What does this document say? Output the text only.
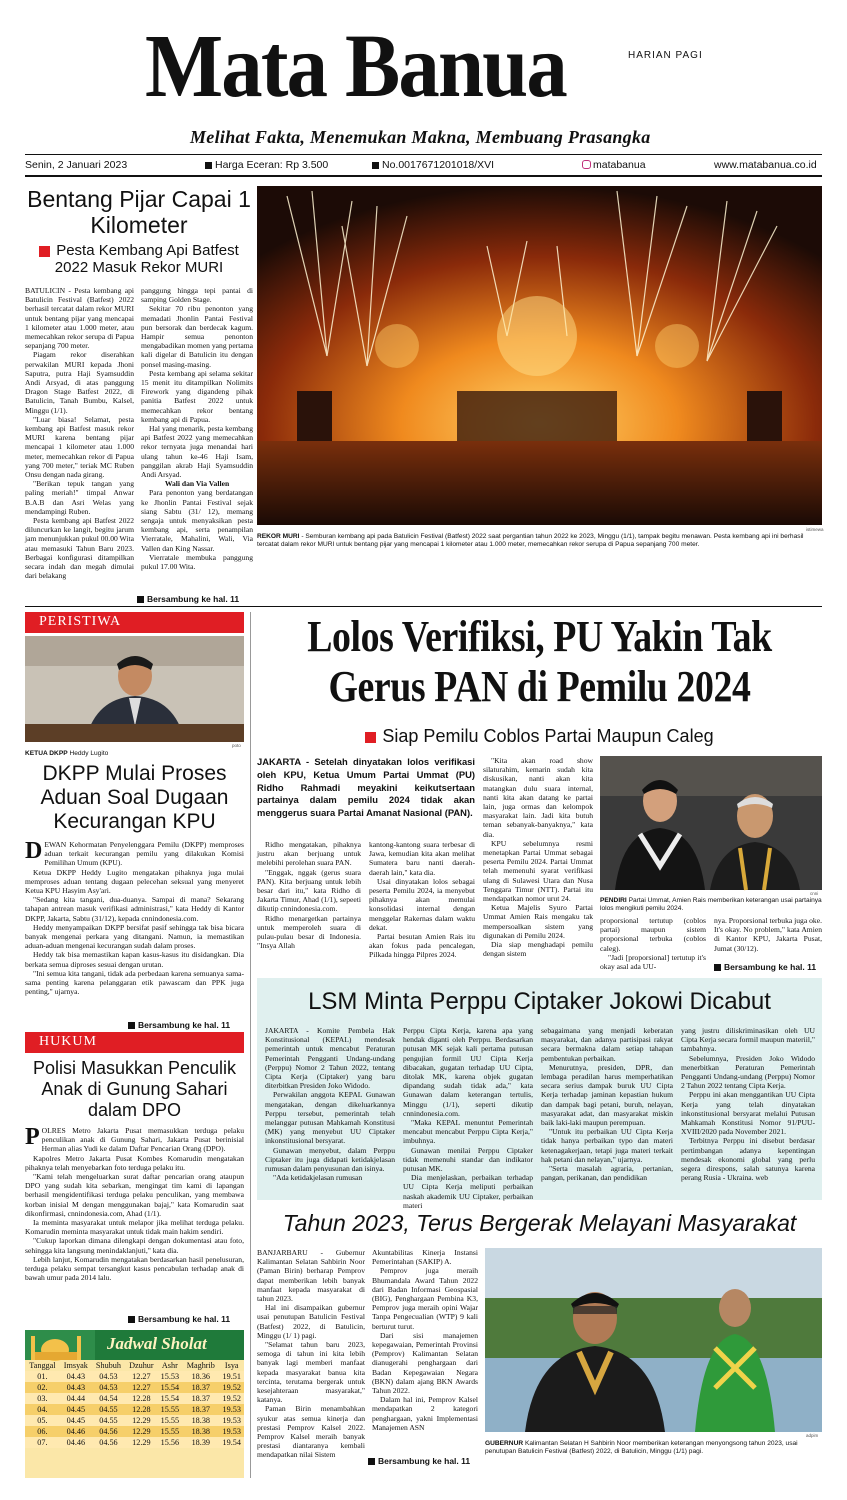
Mata Banua	HARIAN PAGI
Melihat Fakta, Menemukan Makna, Membuang Prasangka
Senin, 2 Januari 2023	Harga Eceran: Rp 3.500	No.0017671201018/XVI	matabanua	www.matabanua.co.id
Bentang Pijar Capai 1 Kilometer
Pesta Kembang Api Batfest 2022 Masuk Rekor MURI

BATULICIN - Pesta kembang api Batulicin Festival (Batfest) 2022 berhasil tercatat dalam rekor MURI untuk bentang pijar yang mencapai 1 kilometer atau 1.000 meter, atau memecahkan rekor serupa di Papua sepanjang 700 meter.

Piagam rekor diserahkan perwakilan MURI kepada Jhoni Saputra, putra Haji Syamsuddin Andi Arsyad, di atas panggung Dragon Stage Batfest 2022, di Batulicin, Tanah Bumbu, Kalsel, Minggu (1/1).

"Luar biasa! Selamat, pesta kembang api Batfest masuk rekor MURI karena bentang pijar mencapai 1 kilometer atau 1.000 meter, memecahkan rekor di Papua yang 700 meter," teriak MC Ruben Onsu dengan nada girang.

"Berikan tepuk tangan yang paling meriah!" timpal Anwar B.A.B dan Asri Welas yang mendampingi Ruben.

Pesta kembang api Batfest 2022 diluncurkan ke langit, begitu jarum jam menunjukkan pukul 00.00 Wita atau memasuki Tahun Baru 2023. Berbagai konfigurasi ditampilkan secara indah dan megah dimulai dari belakang

panggung hingga tepi pantai di samping Golden Stage.

Sekitar 70 ribu penonton yang memadati Jhonlin Pantai Festival pun bersorak dan berdecak kagum. Hampir semua penonton mengabadikan momen yang pertama kali digelar di Batulicin itu dengan ponsel masing-masing.

Pesta kembang api selama sekitar 15 menit itu ditampilkan Nolimits Firework yang digandeng pihak panitia Batfest 2022 untuk memecahkan rekor bentang kembang api di Papua.

Hal yang menarik, pesta kembang api Batfest 2022 yang memecahkan rekor ternyata juga menandai hari ulang tahun ke-46 Haji Isam, panggilan akrab Haji Syamsuddin Andi Arsyad.

Wali dan Via Vallen

Para penonton yang berdatangan ke Jhonlin Pantai Festival sejak siang Sabtu (31/ 12), memang sengaja untuk menyaksikan pesta kembang api, serta penampilan Vierratale, Mahalini, Wali, Via Vallen dan King Nassar.

Vierratale membuka panggung pukul 17.00 Wita.

Bersambung ke hal. 11
istimewa
REKOR MURI - Semburan kembang api pada Batulicin Festival (Batfest) 2022 saat pergantian tahun 2022 ke 2023, Minggu (1/1), tampak begitu menawan. Pesta kembang api ini berhasil tercatat dalam rekor MURI untuk bentang pijar yang mencapai 1 kilometer atau 1.000 meter, memecahkan rekor serupa di Papua sepanjang 700 meter.
PERISTIWA
poto
KETUA DKPP Heddy Lugito
DKPP Mulai Proses Aduan Soal Dugaan Kecurangan KPU
D EWAN Kehormatan Penyelenggara Pemilu (DKPP) memproses aduan terkait kecurangan pemilu yang dilakukan Komisi Pemilihan Umum (KPU).

Ketua DKPP Heddy Lugito mengatakan pihaknya juga mulai memproses aduan tentang dugaan pelecehan seksual yang menyeret Ketua KPU Hasyim Asy'ari.

"Sedang kita tangani, dua-duanya. Sampai di mana? Sekarang tahapan antrean masuk verifikasi administrasi," kata Heddy di Kantor DKPP, Jakarta, Sabtu (31/12), kepada cnnindonesia.com.

Heddy menyampaikan DKPP bersifat pasif sehingga tak bisa bicara banyak mengenai perkara yang ditangani. Namun, ia memastikan aduan-aduan mengenai kecurangan sudah dalam proses.

Heddy tak bisa memastikan kapan kasus-kasus itu disidangkan. Dia berkata semua diproses sesuai dengan urutan.

"Ini semua kita tangani, tidak ada perbedaan karena semuanya sama-sama penting karena pelanggaran etik pawascam dan PPK juga penting," ujarnya.

Bersambung ke hal. 11
HUKUM
Polisi Masukkan Penculik Anak di Gunung Sahari dalam DPO
P OLRES Metro Jakarta Pusat memasukkan terduga pelaku penculikan anak di Gunung Sahari, Jakarta Pusat berinisial Herman alias Yudi ke dalam Daftar Pencarian Orang (DPO).

Kapolres Metro Jakarta Pusat Kombes Komarudin mengatakan pihaknya telah menyebarkan foto terduga pelaku itu.

"Kami telah mengeluarkan surat daftar pencarian orang ataupun DPO yang sudah kita sebarkan, mengingat tim kami di lapangan berhasil mengidentifikasi terduga pelaku penculikan, yang membawa korban inisial M dengan menggunakan bajaj," kata Komarudin saat dikonfirmasi, cnnindonesia.com, Ahad (1/1).

Ia meminta masyarakat untuk melapor jika melihat terduga pelaku. Komarudin meminta masyarakat untuk tidak main hakim sendiri.

"Cukup laporkan dimana dilengkapi dengan dokumentasi atau foto, sehingga kita langsung menindaklanjuti," kata dia.

Lebih lanjut, Komarudin mengatakan berdasarkan hasil penelusuran, terduga pelaku sempat tersangkut kasus pencabulan terhadap anak di bawah umur pada 2014 lalu.

Bersambung ke hal. 11
Jadwal Sholat
Tanggal	Imsyak	Shubuh	Dzuhur	Ashr	Maghrib	Isya
01.	04.43	04.53	12.27	15.53	18.36	19.51
02.	04.43	04.53	12.27	15.54	18.37	19.52
03.	04.44	04.54	12.28	15.54	18.37	19.52
04.	04.45	04.55	12.28	15.55	18.37	19.53
05.	04.45	04.55	12.29	15.55	18.38	19.53
06.	04.46	04.56	12.29	15.55	18.38	19.53
07.	04.46	04.56	12.29	15.56	18.39	19.54
Lolos Verifiksi, PU Yakin Tak
Gerus PAN di Pemilu 2024
Siap Pemilu Coblos Partai Maupun Caleg
JAKARTA - Setelah dinyatakan lolos verifikasi oleh KPU, Ketua Umum Partai Ummat (PU) Ridho Rahmadi meyakini keikutsertaan partainya dalam pemilu 2024 tidak akan menggerus suara Partai Amanat Nasional (PAN).

Ridho mengatakan, pihaknya justru akan berjuang untuk melebihi perolehan suara PAN.

"Enggak, nggak (gerus suara PAN). Kita berjuang untuk lebih besar dari itu," kata Ridho di Jakarta Timur, Ahad (1/1), sepeeti dikutip cnnindonesia.com.

Ridho menargetkan partainya untuk memperoleh suara di pulau-pulau besar di Indonesia. "Insya Allah

kantong-kantong suara terbesar di Jawa, kemudian kita akan melihat Sumatera baru nanti daerah-daerah lain," kata dia.

Usai dinyatakan lolos sebagai peserta Pemilu 2024, ia menyebut pihaknya akan memulai konsolidasi internal dengan menggelar Rakernas dalam waktu dekat.

Partai besutan Amien Rais itu akan fokus pada pencalegan, Pilkada hingga Pilpres 2024.

"Kita akan road show silaturahim, kemarin sudah kita diskusikan, nanti akan kita matangkan dulu suara internal, nanti kita akan datang ke partai lain, juga ormas dan kelompok masyarakat lain. Jadi kita butuh teman sebanyak-banyaknya," kata dia.

KPU sebelumnya resmi menetapkan Partai Ummat sebagai peserta Pemilu 2024. Partai Ummat telah memenuhi syarat verifikasi ulang di Sulawesi Utara dan Nusa Tenggara Timur (NTT). Partai itu mendapatkan nomor urut 24.

Ketua Majelis Syuro Partai Ummat Amien Rais mengaku tak mempersoalkan sistem yang digunakan di Pemilu 2024.

Dia siap menghadapi pemilu dengan sistem

cnni
PENDIRI Partai Ummat, Amien Rais memberikan keterangan usai partainya lolos mengikuti pemilu 2024.

proporsional tertutup (coblos partai) maupun sistem proporsional terbuka (coblos caleg).

"Jadi [proporsional] tertutup it's okay asal ada UU-

nya. Proporsional terbuka juga oke. It's okay. No problem," kata Amien di Kantor KPU, Jakarta Pusat, Jumat (30/12).

Bersambung ke hal. 11
LSM Minta Perppu Ciptaker Jokowi Dicabut

JAKARTA - Komite Pembela Hak Konstitusional (KEPAL) mendesak pemerintah untuk mencabut Peraturan Pemerintah Pengganti Undang-undang (Perppu) Nomor 2 Tahun 2022, tentang Cipta Kerja (Ciptaker) yang baru diterbitkan Presiden Joko Widodo.

Perwakilan anggota KEPAL Gunawan mengatakan, dengan dikeluarkannya Perppu tersebut, pemerintah telah melanggar putusan Mahkamah Konstitusi (MK) yang menyebut UU Ciptaker inkonstitusional bersyarat.

Gunawan menyebut, dalam Perppu Ciptaker itu juga didapati ketidakjelasan rumusan dalam penyusunan dan isinya.

"Ada ketidakjelasan rumusan

Perppu Cipta Kerja, karena apa yang hendak diganti oleh Perppu. Berdasarkan putusan MK sejak kali pertama putusan pengujian formil UU Cipta Kerja dibacakan, gugatan terhadap UU Cipta, ditolak MK, karena objek gugatan dipandang sudah tidak ada," kata Gunawan dalam keterangan tertulis, Minggu (1/1), seperti dikutip cnnindonesia.com.

"Maka KEPAL menuntut Pemerintah mencabut mencabut Perppu Cipta Kerja," imbuhnya.

Gunawan menilai Perppu Ciptaker tidak memenuhi standar dan indikator putusan MK.

Dia menjelaskan, perbaikan terhadap UU Cipta Kerja meliputi perbaikan naskah akademik UU Ciptaker, perbaikan materi

sebagaimana yang menjadi keberatan masyarakat, dan adanya partisipasi rakyat secara bermakna dalam setiap tahapan pembentukan perbaikan.

Menurutnya, presiden, DPR, dan lembaga peradilan harus memperhatikan secara serius dampak buruk UU Cipta Kerja terhadap jaminan kepastian hukum dan dampak bagi petani, buruh, nelayan, masyarakat adat, dan masyarakat miskin baik laki-laki maupun perempuan.

"Untuk itu perbaikan UU Cipta Kerja tidak hanya perbaikan typo dan materi ketenagakerjaan, tetapi juga materi terkait hak petani dan nelayan," ujarnya.

"Serta masalah agraria, pertanian, pangan, perikanan, dan pendidikan

yang justru diliskriminasikan oleh UU Cipta Kerja secara formil maupun materiil," tambahnya.

Sebelumnya, Presiden Joko Widodo menerbitkan Peraturan Pemerintah Pengganti Undang-undang (Perppu) Nomor 2 Tahun 2022 tentang Cipta Kerja.

Perppu ini akan menggantikan UU Cipta Kerja yang telah dinyatakan inkonstitusional bersyarat melalui Putusan Mahkamah Konstitusi Nomor 91/PUU-XVIII/2020 pada November 2021.

Terbitnya Perppu ini disebut berdasar pertimbangan adanya kepentingan mendesak ekonomi global yang perlu segera direspons, salah satunya karena perang Rusia - Ukraina. web

Tahun 2023, Terus Bergerak Melayani Masyarakat

BANJARBARU - Gubernur Kalimantan Selatan Sahbirin Noor (Paman Birin) berharap Pemprov dapat memberikan lebih banyak manfaat kepada masyarakat di tahun 2023.

Hal ini disampaikan gubernur usai penutupan Batulicin Festival (Batfest) 2022, di Batulicin, Minggu (1/ 1) pagi.

"Selamat tahun baru 2023, semoga di tahun ini kita lebih banyak lagi memberi manfaat kepada masyarakat banua kita tercinta, terutama bergerak untuk kesejahteraan masyarakat," katanya.

Paman Birin menambahkan syukur atas semua kinerja dan prestasi Pemprov Kalsel 2022. Pemprov Kalsel meraih banyak prestasi diantaranya kembali mendapatkan nilai Sistem

Akuntabilitas Kinerja Instansi Pemerintahan (SAKIP) A.

Pemprov juga meraih Bhumandala Award Tahun 2022 dari Badan Informasi Geospasial (BIG), Penghargaan Pembina K3, Pemprov juga meraih opini Wajar Tanpa Pengecualian (WTP) 9 kali berturut turut.

Dari sisi manajemen kepegawaian, Pemerintah Provinsi (Pemprov) Kalimantan Selatan dianugerahi penghargaan dari Badan Kepegawaian Negara (BKN) dalam ajang BKN Awards Tahun 2022.

Dalam hal ini, Pemprov Kalsel mendapatkan 2 kategori penghargaan, yakni Implementasi Manajemen ASN

Bersambung ke hal. 11
adpim
GUBERNUR Kalimantan Selatan H Sahbirin Noor memberikan keterangan menyongsong tahun 2023, usai penutupan Batulicin Festival (Batfest) 2022, di Batulicin, Minggu (1/1) pagi.
